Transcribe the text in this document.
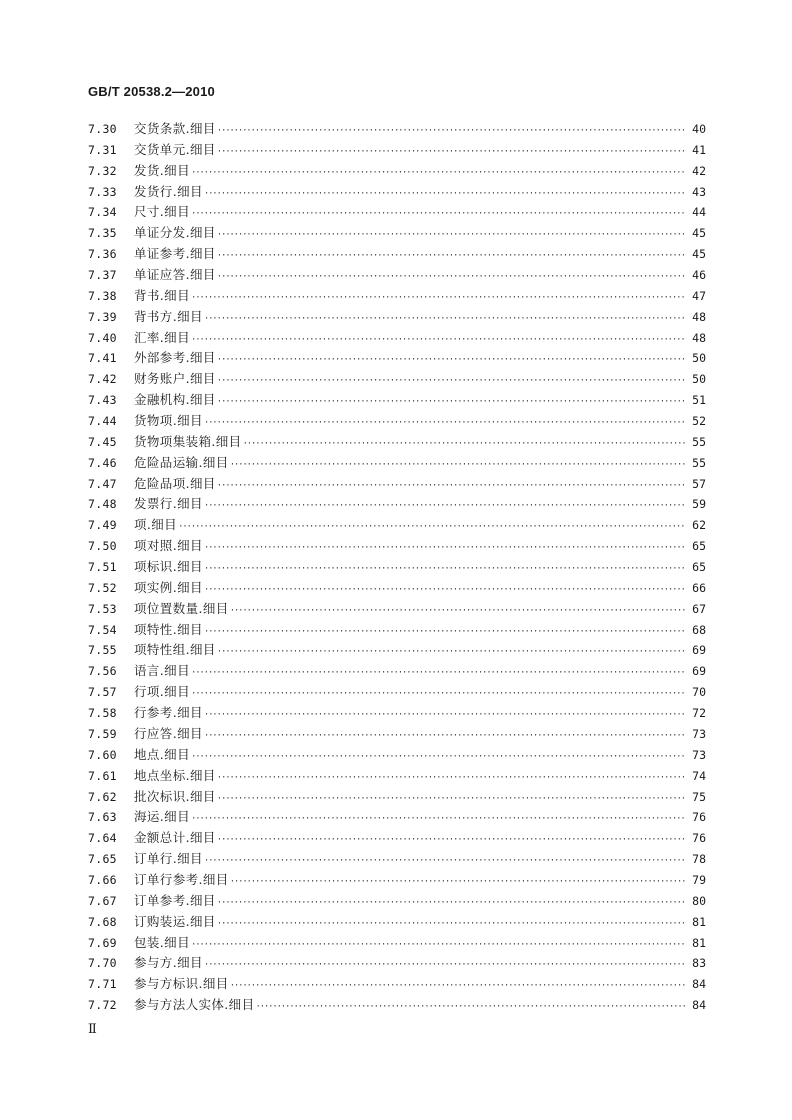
GB/T 20538.2—2010
7.30	交货条款.细目 ·····	40
7.31	交货单元.细目 ·····	41
7.32	发货.细目 ·····	42
7.33	发货行.细目 ·····	43
7.34	尺寸.细目 ·····	44
7.35	单证分发.细目 ·····	45
7.36	单证参考.细目 ·····	45
7.37	单证应答.细目 ·····	46
7.38	背书.细目 ·····	47
7.39	背书方.细目 ·····	48
7.40	汇率.细目 ·····	48
7.41	外部参考.细目 ·····	50
7.42	财务账户.细目 ·····	50
7.43	金融机构.细目 ·····	51
7.44	货物项.细目 ·····	52
7.45	货物项集装箱.细目 ·····	55
7.46	危险品运输.细目 ·····	55
7.47	危险品项.细目 ·····	57
7.48	发票行.细目 ·····	59
7.49	项.细目 ·····	62
7.50	项对照.细目 ·····	65
7.51	项标识.细目 ·····	65
7.52	项实例.细目 ·····	66
7.53	项位置数量.细目 ·····	67
7.54	项特性.细目 ·····	68
7.55	项特性组.细目 ·····	69
7.56	语言.细目 ·····	69
7.57	行项.细目 ·····	70
7.58	行参考.细目 ·····	72
7.59	行应答.细目 ·····	73
7.60	地点.细目 ·····	73
7.61	地点坐标.细目 ·····	74
7.62	批次标识.细目 ·····	75
7.63	海运.细目 ·····	76
7.64	金额总计.细目 ·····	76
7.65	订单行.细目 ·····	78
7.66	订单行参考.细目 ·····	79
7.67	订单参考.细目 ·····	80
7.68	订购装运.细目 ·····	81
7.69	包装.细目 ·····	81
7.70	参与方.细目 ·····	83
7.71	参与方标识.细目 ·····	84
7.72	参与方法人实体.细目 ·····	84
Ⅱ
